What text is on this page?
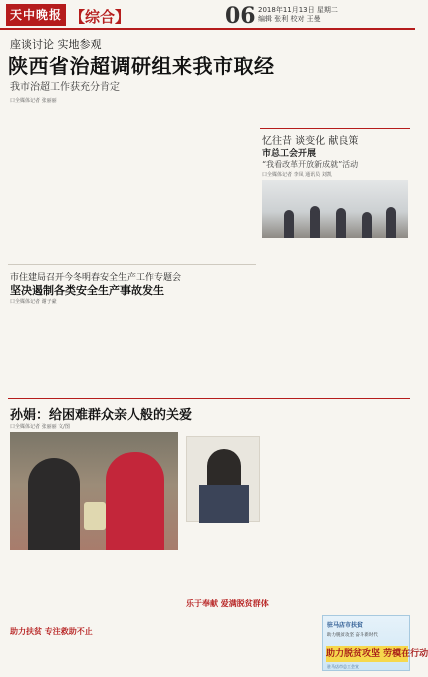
天中晚报 【综合】	06 2018年11月13日 星期二
编辑 张利 校对 王曼
座谈讨论 实地参观
陕西省治超调研组来我市取经
我市治超工作获充分肯定
口全媒体记者 张丽丽
忆往昔 谈变化 献良策
市总工会开展
“我看改革开放新成就”活动
口全媒体记者 李凤 通讯员 刘凯
市住建局召开今冬明春安全生产工作专题会
坚决遏制各类安全生产事故发生
口全媒体记者 谢子豪
孙娟：给困难群众亲人般的关爱
口全媒体记者 张丽丽 文/图
助力扶贫 专注救助不止
乐于奉献 爱满脱贫群体
驻马店市扶贫
助力脱贫攻坚 奋斗新时代
助力脱贫攻坚 劳模在行动
驻马店市总工会宣
